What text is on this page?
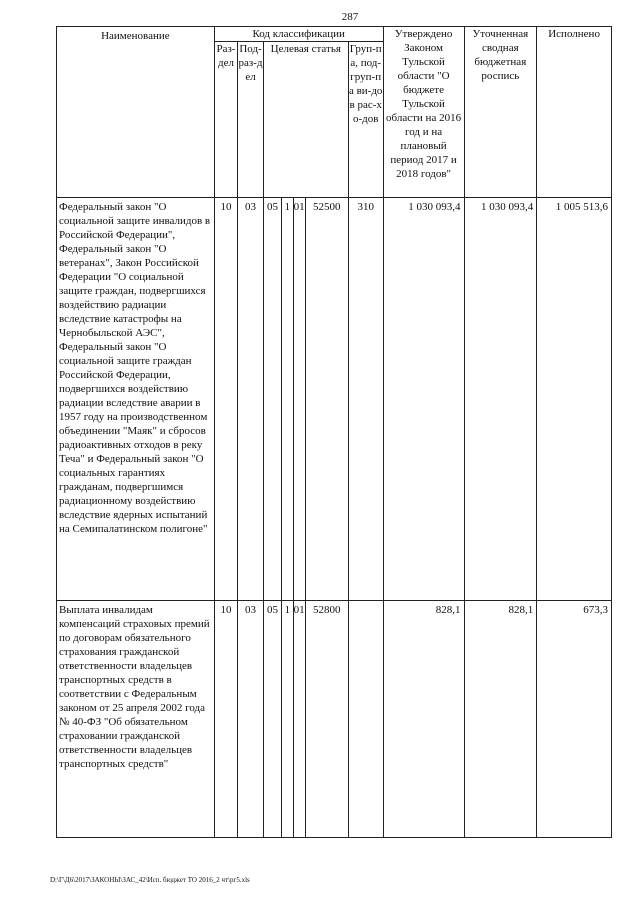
287
Наименование	Код классификации							Утверждено Законом Тульской области "О бюджете Тульской области на 2016 год и на плановый период 2017 и 2018 годов"	Уточненная сводная бюджетная роспись	Исполнено
	Раз-дел	Под-раз-дел	Целевая статья				Груп-па, под-груп-па ви-дов рас-хо-дов			
Федеральный закон "О социальной защите инвалидов в Российской Федерации", Федеральный закон "О ветеранах", Закон Российской Федерации "О социальной защите граждан, подвергшихся воздействию радиации вследствие катастрофы на Чернобыльской АЭС", Федеральный закон "О социальной защите граждан Российской Федерации, подвергшихся воздействию радиации вследствие аварии в 1957 году на производственном объединении "Маяк" и сбросов радиоактивных отходов в реку Теча" и Федеральный закон "О социальных гарантиях гражданам, подвергшимся радиационному воздействию вследствие ядерных испытаний на Семипалатинском полигоне"	10	03	05	1	01	52500	310	1 030 093,4	1 030 093,4	1 005 513,6
Выплата инвалидам компенсаций страховых премий по договорам обязательного страхования гражданской ответственности владельцев транспортных средств в соответствии с Федеральным законом от 25 апреля 2002 года № 40-ФЗ "Об обязательном страховании гражданской ответственности владельцев транспортных средств"	10	03	05	1	01	52800		828,1	828,1	673,3
D:\Г\Д6\2017\ЗАКОНЫ\ЗАС_42\Исп. бюджет ТО 2016_2 чт\рг5.xls
